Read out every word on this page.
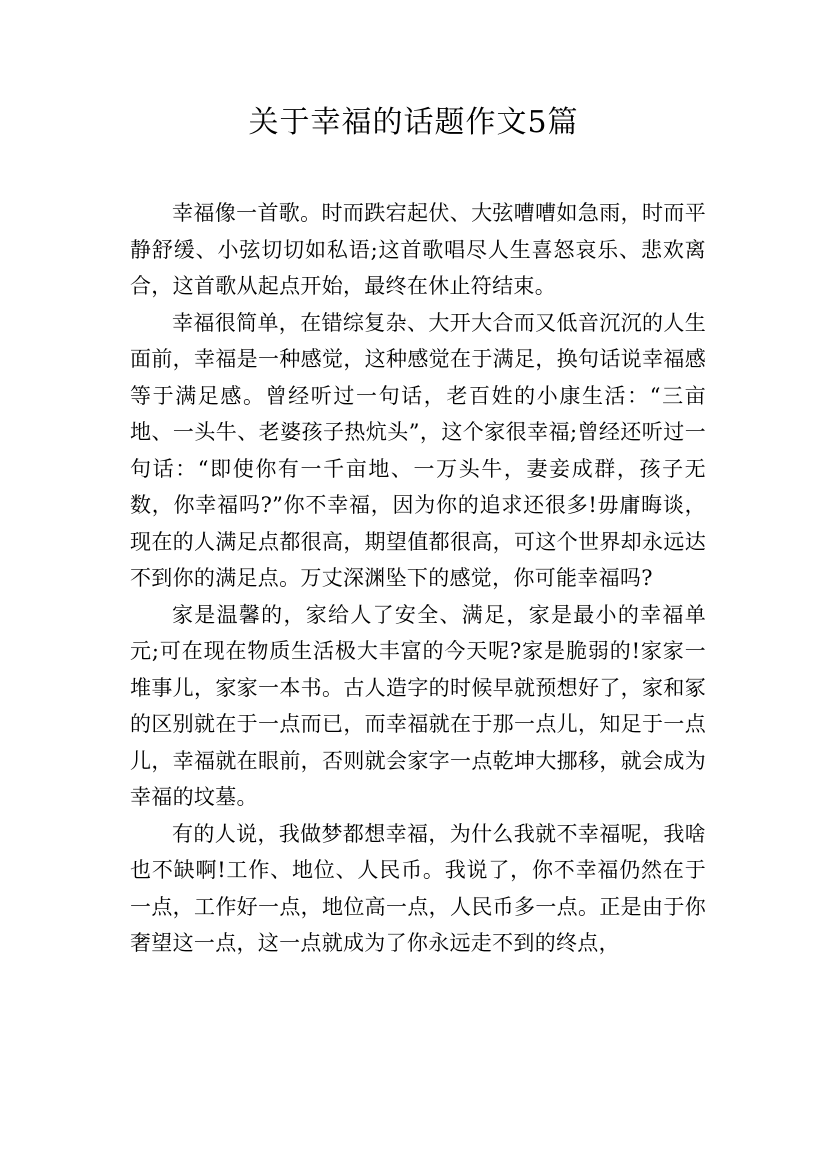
关于幸福的话题作文5篇

幸福像一首歌。时而跌宕起伏、大弦嘈嘈如急雨，时而平静舒缓、小弦切切如私语;这首歌唱尽人生喜怒哀乐、悲欢离合，这首歌从起点开始，最终在休止符结束。

幸福很简单，在错综复杂、大开大合而又低音沉沉的人生面前，幸福是一种感觉，这种感觉在于满足，换句话说幸福感等于满足感。曾经听过一句话，老百姓的小康生活：“三亩地、一头牛、老婆孩子热炕头”，这个家很幸福;曾经还听过一句话：“即使你有一千亩地、一万头牛，妻妾成群，孩子无数，你幸福吗?”你不幸福，因为你的追求还很多!毋庸晦谈，现在的人满足点都很高，期望值都很高，可这个世界却永远达不到你的满足点。万丈深渊坠下的感觉，你可能幸福吗?

家是温馨的，家给人了安全、满足，家是最小的幸福单元;可在现在物质生活极大丰富的今天呢?家是脆弱的!家家一堆事儿，家家一本书。古人造字的时候早就预想好了，家和冢的区别就在于一点而已，而幸福就在于那一点儿，知足于一点儿，幸福就在眼前，否则就会家字一点乾坤大挪移，就会成为幸福的坟墓。

有的人说，我做梦都想幸福，为什么我就不幸福呢，我啥也不缺啊!工作、地位、人民币。我说了，你不幸福仍然在于一点，工作好一点，地位高一点，人民币多一点。正是由于你奢望这一点，这一点就成为了你永远走不到的终点，
